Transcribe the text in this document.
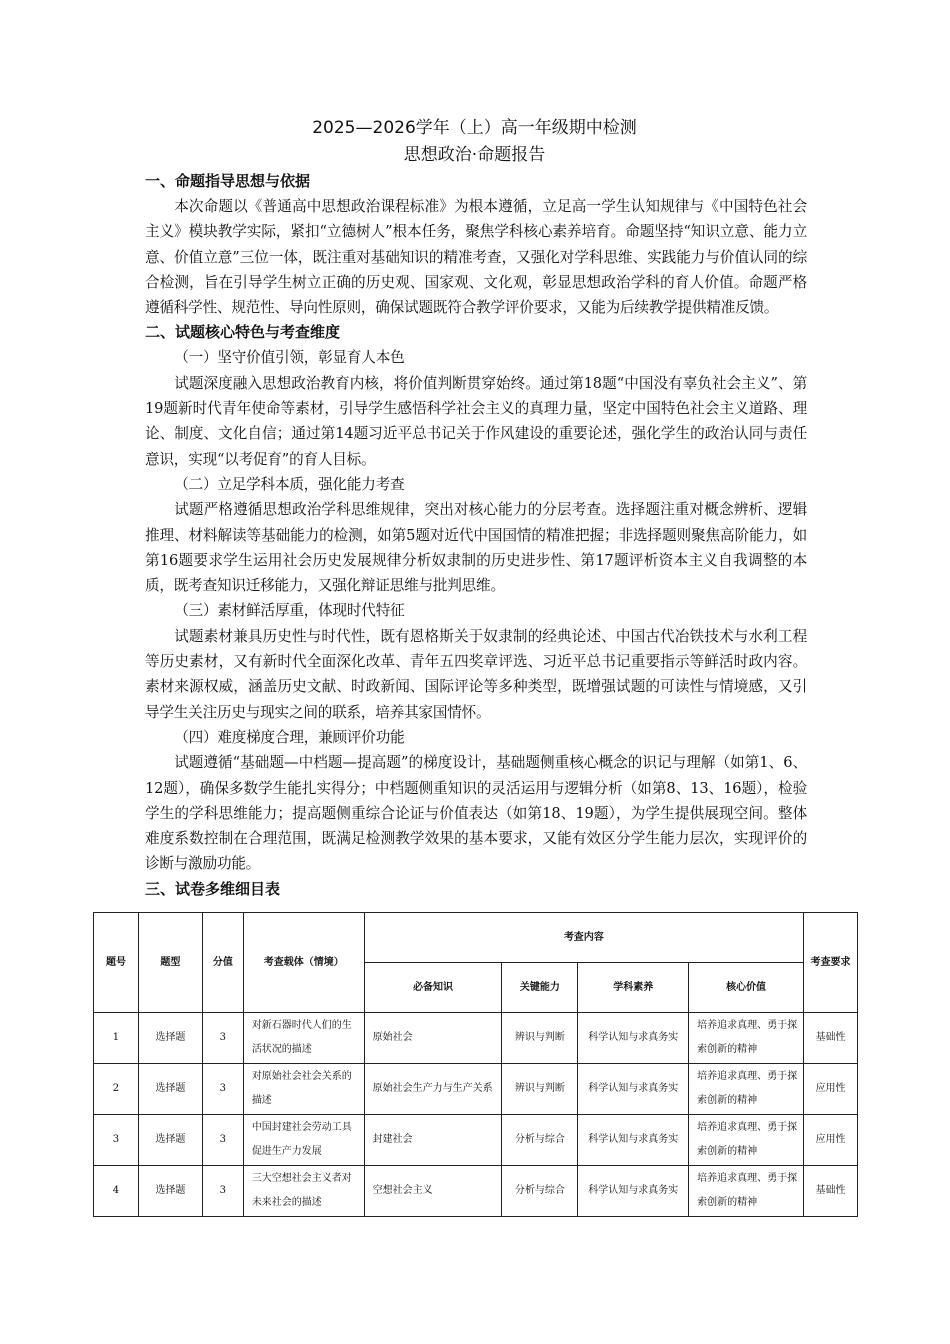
2025—2026学年（上）高一年级期中检测
思想政治·命题报告
一、命题指导思想与依据

本次命题以《普通高中思想政治课程标准》为根本遵循，立足高一学生认知规律与《中国特色社会主义》模块教学实际，紧扣“立德树人”根本任务，聚焦学科核心素养培育。命题坚持“知识立意、能力立意、价值立意”三位一体，既注重对基础知识的精准考查，又强化对学科思维、实践能力与价值认同的综合检测，旨在引导学生树立正确的历史观、国家观、文化观，彰显思想政治学科的育人价值。命题严格遵循科学性、规范性、导向性原则，确保试题既符合教学评价要求，又能为后续教学提供精准反馈。

二、试题核心特色与考查维度

（一）坚守价值引领，彰显育人本色

试题深度融入思想政治教育内核，将价值判断贯穿始终。通过第18题“中国没有辜负社会主义”、第19题新时代青年使命等素材，引导学生感悟科学社会主义的真理力量，坚定中国特色社会主义道路、理论、制度、文化自信；通过第14题习近平总书记关于作风建设的重要论述，强化学生的政治认同与责任意识，实现“以考促育”的育人目标。

（二）立足学科本质，强化能力考查

试题严格遵循思想政治学科思维规律，突出对核心能力的分层考查。选择题注重对概念辨析、逻辑推理、材料解读等基础能力的检测，如第5题对近代中国国情的精准把握；非选择题则聚焦高阶能力，如第16题要求学生运用社会历史发展规律分析奴隶制的历史进步性、第17题评析资本主义自我调整的本质，既考查知识迁移能力，又强化辩证思维与批判思维。

（三）素材鲜活厚重，体现时代特征

试题素材兼具历史性与时代性，既有恩格斯关于奴隶制的经典论述、中国古代冶铁技术与水利工程等历史素材，又有新时代全面深化改革、青年五四奖章评选、习近平总书记重要指示等鲜活时政内容。素材来源权威，涵盖历史文献、时政新闻、国际评论等多种类型，既增强试题的可读性与情境感，又引导学生关注历史与现实之间的联系，培养其家国情怀。

（四）难度梯度合理，兼顾评价功能

试题遵循“基础题—中档题—提高题”的梯度设计，基础题侧重核心概念的识记与理解（如第1、6、12题），确保多数学生能扎实得分；中档题侧重知识的灵活运用与逻辑分析（如第8、13、16题），检验学生的学科思维能力；提高题侧重综合论证与价值表达（如第18、19题），为学生提供展现空间。整体难度系数控制在合理范围，既满足检测教学效果的基本要求，又能有效区分学生能力层次，实现评价的诊断与激励功能。

三、试卷多维细目表
题号	题型	分值	考查载体（情境）	考查内容				考查要求
				必备知识	关键能力	学科素养	核心价值	
1	选择题	3	对新石器时代人们的生活状况的描述	原始社会	辨识与判断	科学认知与求真务实	培养追求真理、勇于探索创新的精神	基础性
2	选择题	3	对原始社会社会关系的描述	原始社会生产力与生产关系	辨识与判断	科学认知与求真务实	培养追求真理、勇于探索创新的精神	应用性
3	选择题	3	中国封建社会劳动工具促进生产力发展	封建社会	分析与综合	科学认知与求真务实	培养追求真理、勇于探索创新的精神	应用性
4	选择题	3	三大空想社会主义者对未来社会的描述	空想社会主义	分析与综合	科学认知与求真务实	培养追求真理、勇于探索创新的精神	基础性
